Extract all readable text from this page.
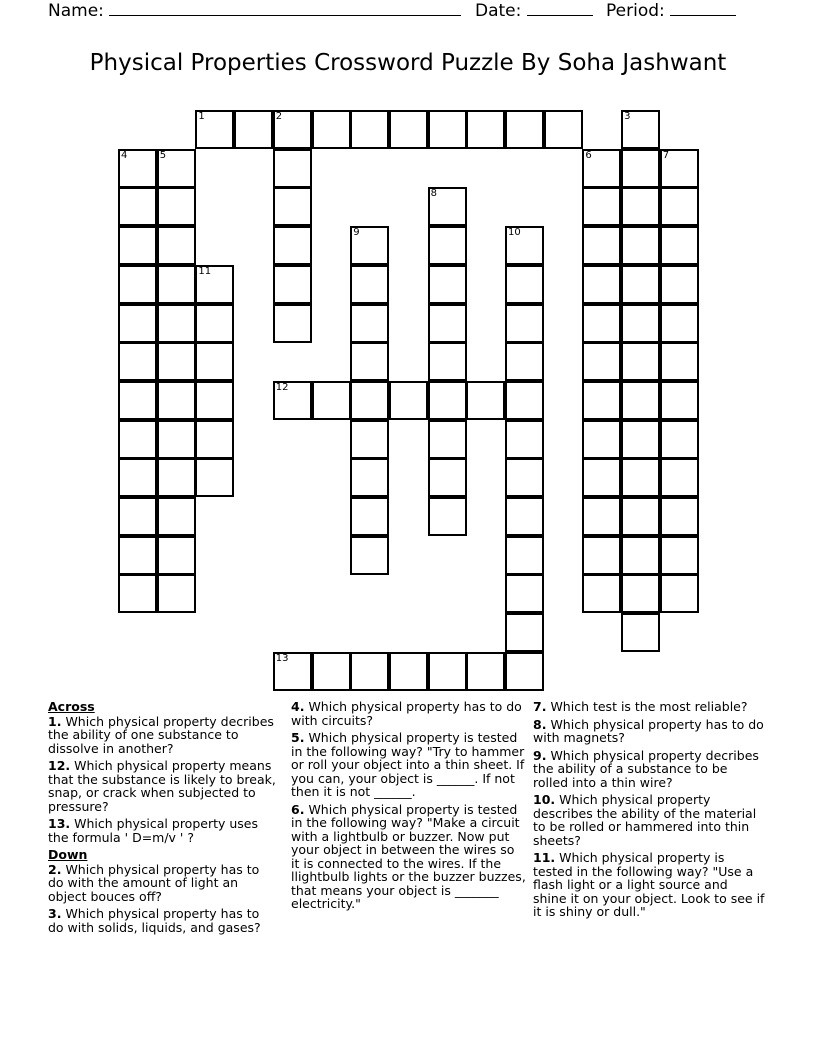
Name:	Date:	Period:
Physical Properties Crossword Puzzle By Soha Jashwant
1	2
4	5
3
6	7
8
9	10
11
12
13
Across
1. Which physical property decribes the ability of one substance to dissolve in another?
12. Which physical property means that the substance is likely to break, snap, or crack when subjected to pressure?
13. Which physical property uses the formula ' D=m/v ' ?
Down
2. Which physical property has to do with the amount of light an object bouces off?
3. Which physical property has to do with solids, liquids, and gases?
4. Which physical property has to do with circuits?
5. Which physical property is tested in the following way? "Try to hammer or roll your object into a thin sheet. If you can, your object is ______. If not then it is not ______.
6. Which physical property is tested in the following way? "Make a circuit with a lightbulb or buzzer. Now put your object in between the wires so it is connected to the wires. If the llightbulb lights or the buzzer buzzes, that means your object is _______ electricity."
7. Which test is the most reliable?
8. Which physical property has to do with magnets?
9. Which physical property decribes the ability of a substance to be rolled into a thin wire?
10. Which physical property describes the ability of the material to be rolled or hammered into thin sheets?
11. Which physical property is tested in the following way? "Use a flash light or a light source and shine it on your object. Look to see if it is shiny or dull."
